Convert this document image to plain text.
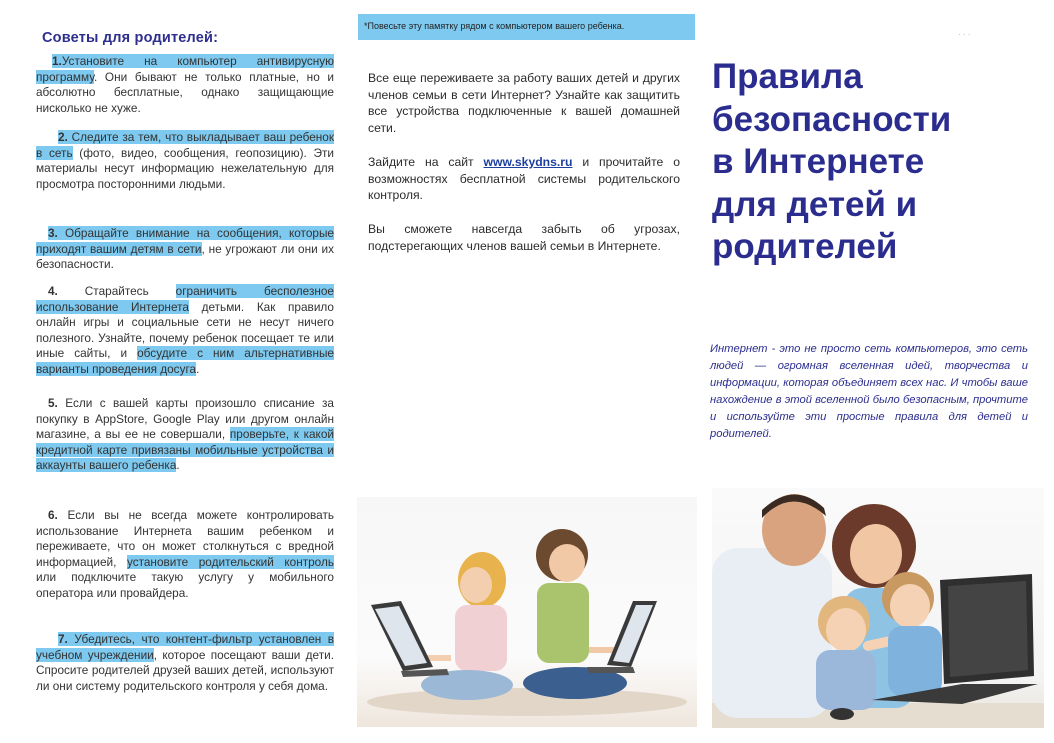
Советы для родителей:
1.Установите на компьютер антивирусную программу. Они бывают не только платные, но и абсолютно бесплатные, однако защищающие нисколько не хуже.
2. Следите за тем, что выкладывает ваш ребенок в сеть (фото, видео, сообщения, геопозицию). Эти материалы несут информацию нежелательную для просмотра посторонними людьми.
3. Обращайте внимание на сообщения, которые приходят вашим детям в сети, не угрожают ли они их безопасности.
4. Старайтесь ограничить бесполезное использование Интернета детьми. Как правило онлайн игры и социальные сети не несут ничего полезного. Узнайте, почему ребенок посещает те или иные сайты, и обсудите с ним альтернативные варианты проведения досуга.
5. Если с вашей карты произошло списание за покупку в AppStore, Google Play или другом онлайн магазине, а вы ее не совершали, проверьте, к какой кредитной карте привязаны мобильные устройства и аккаунты вашего ребенка.
6. Если вы не всегда можете контролировать использование Интернета вашим ребенком и переживаете, что он может столкнуться с вредной информацией, установите родительский контроль или подключите такую услугу у мобильного оператора или провайдера.
7. Убедитесь, что контент-фильтр установлен в учебном учреждении, которое посещают ваши дети. Спросите родителей друзей ваших детей, используют ли они систему родительского контроля у себя дома.
*Повесьте эту памятку рядом с компьютером вашего ребенка.
Все еще переживаете за работу ваших детей и других членов семьи в сети Интернет? Узнайте как защитить все устройства подключенные к вашей домашней сети.
Зайдите на сайт www.skydns.ru и прочитайте о возможностях бесплатной системы родительского контроля.
Вы сможете навсегда забыть об угрозах, подстерегающих членов вашей семьи в Интернете.
· · ·
Правила
безопасности
в Интернете
для детей и
родителей
Интернет - это не просто сеть компьютеров, это сеть людей — огромная вселенная идей, творчества и информации, которая объединяет всех нас. И чтобы ваше нахождение в этой вселенной было безопасным, прочтите и используйте эти простые правила для детей и родителей.
